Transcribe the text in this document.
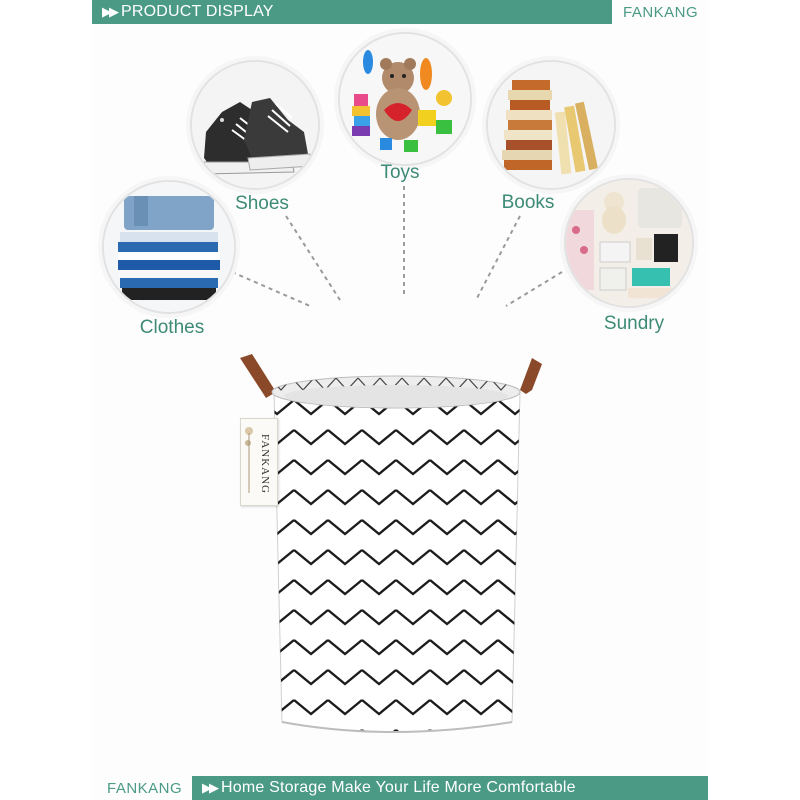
▶▶ PRODUCT DISPLAY	FANKANG
Shoes
Toys
Books
Clothes	Sundry
FANKANG
FANKANG ▶▶ Home Storage Make Your Life More Comfortable
